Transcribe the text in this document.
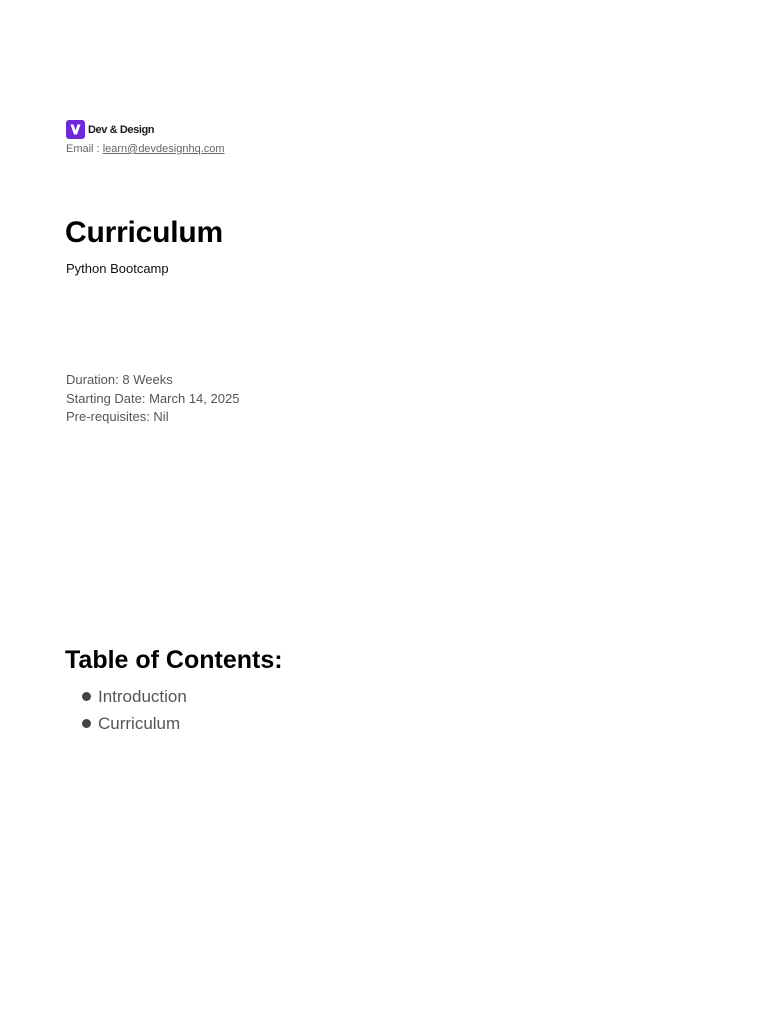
Dev & Design
Email : learn@devdesignhq.com
Curriculum
Python Bootcamp
Duration: 8 Weeks
Starting Date: March 14, 2025
Pre-requisites: Nil
Table of Contents:
Introduction
Curriculum
